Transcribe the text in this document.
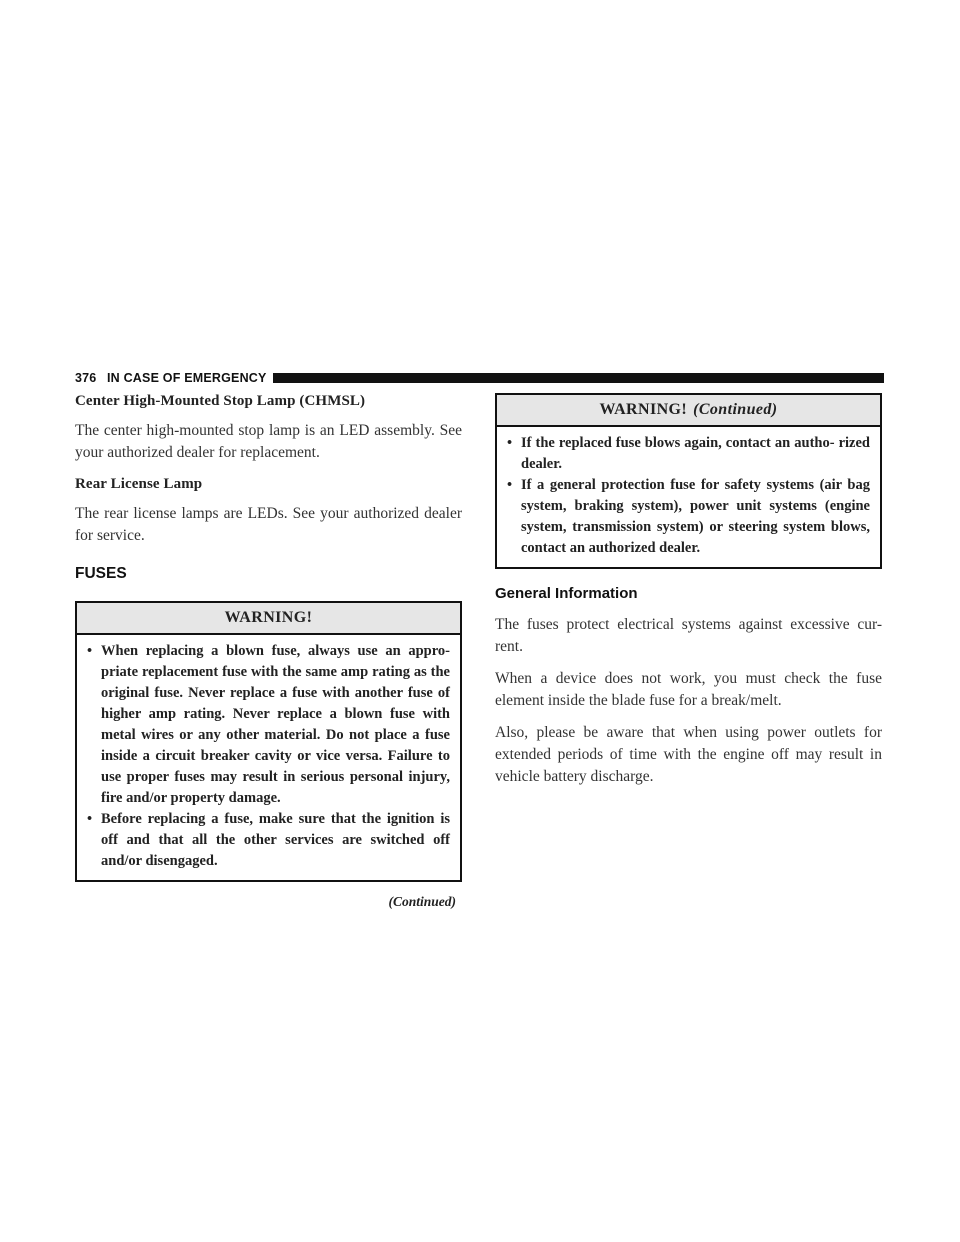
376 IN CASE OF EMERGENCY
Center High-Mounted Stop Lamp (CHMSL)

The center high-mounted stop lamp is an LED assembly. See your authorized dealer for replacement.

Rear License Lamp

The rear license lamps are LEDs. See your authorized dealer for service.

FUSES
WARNING!

• When replacing a blown fuse, always use an appro- priate replacement fuse with the same amp rating as the original fuse. Never replace a fuse with another fuse of higher amp rating. Never replace a blown fuse with metal wires or any other material. Do not place a fuse inside a circuit breaker cavity or vice versa. Failure to use proper fuses may result in serious personal injury, fire and/or property damage.

• Before replacing a fuse, make sure that the ignition is off and that all the other services are switched off and/or disengaged.

(Continued)
WARNING! (Continued)

• If the replaced fuse blows again, contact an autho- rized dealer.

• If a general protection fuse for safety systems (air bag system, braking system), power unit systems (engine system, transmission system) or steering system blows, contact an authorized dealer.

General Information

The fuses protect electrical systems against excessive cur- rent.

When a device does not work, you must check the fuse element inside the blade fuse for a break/melt.

Also, please be aware that when using power outlets for extended periods of time with the engine off may result in vehicle battery discharge.
